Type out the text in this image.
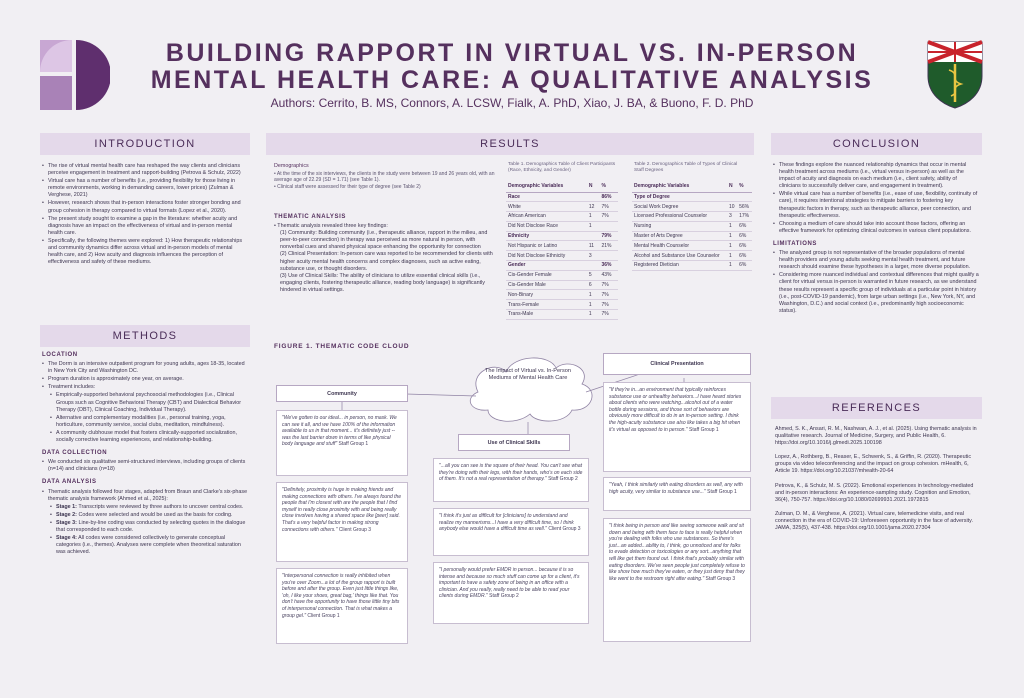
BUILDING RAPPORT IN VIRTUAL VS. IN-PERSON
MENTAL HEALTH CARE: A QUALITATIVE ANALYSIS
Authors: Cerrito, B. MS, Connors, A. LCSW, Fialk, A. PhD, Xiao, J. BA, & Buono, F. D. PhD
INTRODUCTION
METHODS
RESULTS	CONCLUSION
REFERENCES
• The rise of virtual mental health care has reshaped the way clients and clinicians perceive engagement in treatment and rapport-building (Petrova & Schulz, 2022)
• Virtual care has a number of benefits (i.e., providing flexibility for those living in remote environments, working in demanding careers, lower prices) (Zulman & Verghese, 2021)
• However, research shows that in-person interactions foster stronger bonding and group cohesion in therapy compared to virtual formats (Lopez et al., 2020).
• The present study sought to examine a gap in the literature: whether acuity and diagnosis have an impact on the effectiveness of virtual and in-person mental health care.
• Specifically, the following themes were explored: 1) How therapeutic relationships and community dynamics differ across virtual and in-person models of mental health care, and 2) How acuity and diagnosis influences the perception of effectiveness and safety of these mediums.
LOCATION
• The Dorm is an intensive outpatient program for young adults, ages 18-35, located in New York City and Washington DC.
• Program duration is approximately one year, on average.
• Treatment includes:
• Empirically-supported behavioral psychosocial methodologies (i.e., Clinical Groups such as Cognitive Behavioral Therapy (CBT) and Dialectical Behavior Therapy (DBT), Clinical Coaching, Individual Therapy).
• Alternative and complementary modalities (i.e., personal training, yoga, horticulture, community service, social clubs, meditation, mindfulness).
• A community clubhouse model that fosters clinically-supported socialization, socially corrective learning experiences, and relationship-building.
DATA COLLECTION
• We conducted six qualitative semi-structured interviews, including groups of clients (n=14) and clinicians (n=18)
DATA ANALYSIS
• Thematic analysis followed four stages, adapted from Braun and Clarke's six-phase thematic analysis framework (Ahmed et al., 2025):
• Stage 1: Transcripts were reviewed by three authors to uncover central codes.
• Stage 2: Codes were selected and would be used as the basis for coding.
• Stage 3: Line-by-line coding was conducted by selecting quotes in the dialogue that corresponded to each code.
• Stage 4: All codes were considered collectively to generate conceptual categories (i.e., themes). Analyses were complete when theoretical saturation was achieved.
Demographics
• At the time of the six interviews, the clients in the study were between 19 and 26 years old, with an average age of 22.29 (SD = 1.71) (see Table 1).
• Clinical staff were assessed for their type of degree (see Table 2)
THEMATIC ANALYSIS
• Thematic analysis revealed three key findings:
(1) Community: Building community (i.e., therapeutic alliance, rapport in the milieu, and peer-to-peer connection) in therapy was perceived as more natural in person, with nonverbal cues and shared physical space enhancing the opportunity for connection
(2) Clinical Presentation: In-person care was reported to be recommended for clients with higher acuity mental health concerns and complex diagnoses, such as active eating, substance use, or thought disorders.
(3) Use of Clinical Skills: The ability of clinicians to utilize essential clinical skills (i.e., engaging clients, fostering therapeutic alliance, reading body language) is significantly hindered in virtual settings.
Table 1. Demographics Table of Client Participants (Race, Ethnicity, and Gender)
Demographic Variables	N	%
Race		86%
White	12	7%
African American	1	7%
Did Not Disclose Race	1	
Ethnicity		79%
Not Hispanic or Latino	11	21%
Did Not Disclose Ethnicity	3	
Gender		36%
Cis-Gender Female	5	43%
Cis-Gender Male	6	7%
Non-Binary	1	7%
Trans-Female	1	7%
Trans-Male	1	7%
Table 2. Demographics Table of Types of Clinical Staff Degrees
Demographic Variables	N	%
Type of Degree		
Social Work Degree	10	56%
Licensed Professional Counselor	3	17%
Nursing	1	6%
Master of Arts Degree	1	6%
Mental Health Counselor	1	6%
Alcohol and Substance Use Counselor	1	6%
Registered Dietician	1	6%
FIGURE 1. THEMATIC CODE CLOUD
The Impact of Virtual vs. In-Person Mediums of Mental Health Care
Community
Use of Clinical Skills
Clinical Presentation
"We've gotten to our ideal... in person, no mask. We can see it all, and we have 100% of the information available to us in that moment... it's definitely just -- was the last barrier down in terms of like physical body language and stuff" Staff Group 1
"Definitely, proximity is huge in making friends and making connections with others. I've always found the people that I'm closest with are the people that I find myself in really close proximity with and being really close involves having a shared space like [peer] said. That's a very helpful factor in making strong connections with others." Client Group 3
"Interpersonal connection is really inhibited when you're over Zoom...a lot of the group rapport is built before and after the group. Even just little things like, 'oh, I like your shoes, great bag,' things like that. You don't have the opportunity to have those little tiny bits of interpersonal connection. That is what makes a group gel." Client Group 1
"...all you can see is the square of their head. You can't see what they're doing with their legs, with their hands, who's on each side of them. It's not a real representation of therapy." Staff Group 2
"I think it's just as difficult for [clinicians] to understand and realize my mannerisms...I have a very difficult time, so I think anybody else would have a difficult time as well." Client Group 3
"I personally would prefer EMDR in person... because it is so intense and because so much stuff can come up for a client, it's important to have a safety zone of being in an office with a clinician. And you really, really need to be able to read your clients during EMDR." Staff Group 2
"If they're in...an environment that typically reinforces substance use or unhealthy behaviors...I have heard stories about clients who were watching...alcohol out of a water bottle during sessions, and those sort of behaviors are obviously more difficult to do in an in-person setting. I think the high-acuity substance use also like takes a big hit when it's virtual as opposed to in person." Staff Group 1
"Yeah, I think similarly with eating disorders as well, any with high acuity, very similar to substance use..." Staff Group 1
"I think being in person and like seeing someone walk and sit down and being with them face to face is really helpful when you're dealing with folks who use substances. So there's just...an added...ability to, I think, go unnoticed and for folks to evade detection or toxicologies or any sort...anything that will like get them found out. I think that's probably similar with eating disorders. We've seen people just completely refuse to like show how much they've eaten, or they just deny that they like went to the restroom right after eating." Staff Group 3
• These findings explore the nuanced relationship dynamics that occur in mental health treatment across mediums (i.e., virtual versus in-person) as well as the impact of acuity and diagnosis on each medium (i.e., client safety, ability of clinicians to successfully deliver care, and engagement in treatment).
• While virtual care has a number of benefits (i.e., ease of use, flexibility, continuity of care), it requires intentional strategies to mitigate barriers to fostering key therapeutic factors in therapy, such as therapeutic alliance, peer connection, and therapeutic effectiveness.
• Choosing a medium of care should take into account those factors, offering an effective framework for optimizing clinical outcomes in various client populations.
LIMITATIONS
• The analyzed group is not representative of the broader populations of mental health providers and young adults seeking mental health treatment, and future research should examine these hypotheses in a larger, more diverse population.
• Considering more nuanced individual and contextual differences that might qualify a client for virtual versus in-person is warranted in future research, as we understand these results represent a specific group of individuals at a particular point in history (i.e., post-COVID-19 pandemic), from large urban settings (i.e., New York, NY, and Washington, D.C.) and social context (i.e., predominantly high socioeconomic status).
Ahmed, S. K., Ansari, R. M., Nashwan, A. J., et al. (2025). Using thematic analysis in qualitative research. Journal of Medicine, Surgery, and Public Health, 6. https://doi.org/10.1016/j.glmedi.2025.100198
Lopez, A., Rothberg, B., Reaser, E., Schwenk, S., & Griffin, R. (2020). Therapeutic groups via video teleconferencing and the impact on group cohesion. mHealth, 6, Article 19. https://doi.org/10.21037/mhealth-20-64
Petrova, K., & Schulz, M. S. (2022). Emotional experiences in technology-mediated and in-person interactions: An experience-sampling study. Cognition and Emotion, 36(4), 750-757. https://doi.org/10.1080/02699931.2021.1972815
Zulman, D. M., & Verghese, A. (2021). Virtual care, telemedicine visits, and real connection in the era of COVID-19: Unforeseen opportunity in the face of adversity. JAMA, 325(5), 437-438. https://doi.org/10.1001/jama.2020.27304
